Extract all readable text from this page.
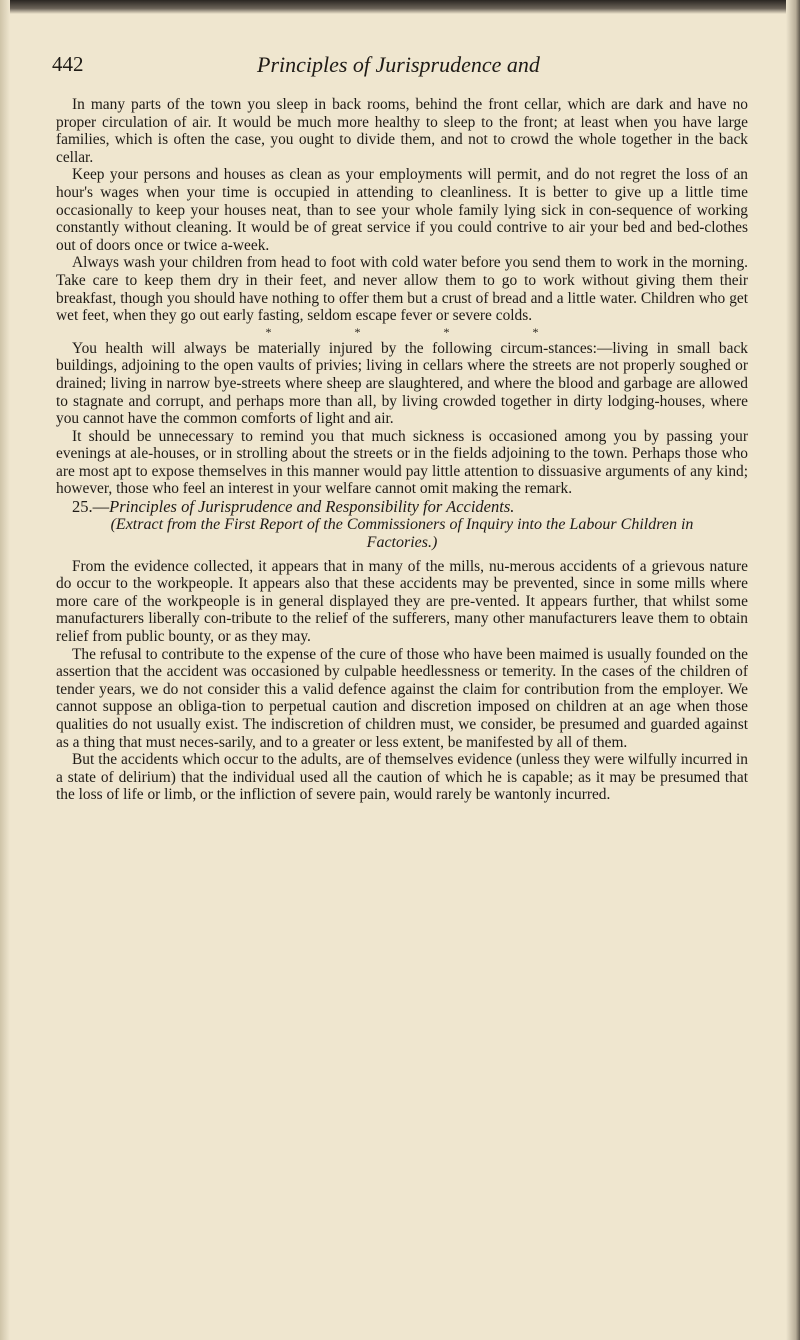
442	Principles of Jurisprudence and

In many parts of the town you sleep in back rooms, behind the front cellar, which are dark and have no proper circulation of air. It would be much more healthy to sleep to the front; at least when you have large families, which is often the case, you ought to divide them, and not to crowd the whole together in the back cellar.

Keep your persons and houses as clean as your employments will permit, and do not regret the loss of an hour's wages when your time is occupied in attending to cleanliness. It is better to give up a little time occasionally to keep your houses neat, than to see your whole family lying sick in con-sequence of working constantly without cleaning. It would be of great service if you could contrive to air your bed and bed-clothes out of doors once or twice a-week.

Always wash your children from head to foot with cold water before you send them to work in the morning. Take care to keep them dry in their feet, and never allow them to go to work without giving them their breakfast, though you should have nothing to offer them but a crust of bread and a little water. Children who get wet feet, when they go out early fasting, seldom escape fever or severe colds.

* * * *

You health will always be materially injured by the following circum-stances:—living in small back buildings, adjoining to the open vaults of privies; living in cellars where the streets are not properly soughed or drained; living in narrow bye-streets where sheep are slaughtered, and where the blood and garbage are allowed to stagnate and corrupt, and perhaps more than all, by living crowded together in dirty lodging-houses, where you cannot have the common comforts of light and air.

It should be unnecessary to remind you that much sickness is occasioned among you by passing your evenings at ale-houses, or in strolling about the streets or in the fields adjoining to the town. Perhaps those who are most apt to expose themselves in this manner would pay little attention to dissuasive arguments of any kind; however, those who feel an interest in your welfare cannot omit making the remark.

25.—Principles of Jurisprudence and Responsibility for Accidents.

(Extract from the First Report of the Commissioners of Inquiry into the Labour Children in Factories.)

From the evidence collected, it appears that in many of the mills, nu-merous accidents of a grievous nature do occur to the workpeople. It appears also that these accidents may be prevented, since in some mills where more care of the workpeople is in general displayed they are pre-vented. It appears further, that whilst some manufacturers liberally con-tribute to the relief of the sufferers, many other manufacturers leave them to obtain relief from public bounty, or as they may.

The refusal to contribute to the expense of the cure of those who have been maimed is usually founded on the assertion that the accident was occasioned by culpable heedlessness or temerity. In the cases of the children of tender years, we do not consider this a valid defence against the claim for contribution from the employer. We cannot suppose an obliga-tion to perpetual caution and discretion imposed on children at an age when those qualities do not usually exist. The indiscretion of children must, we consider, be presumed and guarded against as a thing that must neces-sarily, and to a greater or less extent, be manifested by all of them.

But the accidents which occur to the adults, are of themselves evidence (unless they were wilfully incurred in a state of delirium) that the individual used all the caution of which he is capable; as it may be presumed that the loss of life or limb, or the infliction of severe pain, would rarely be wantonly incurred.
